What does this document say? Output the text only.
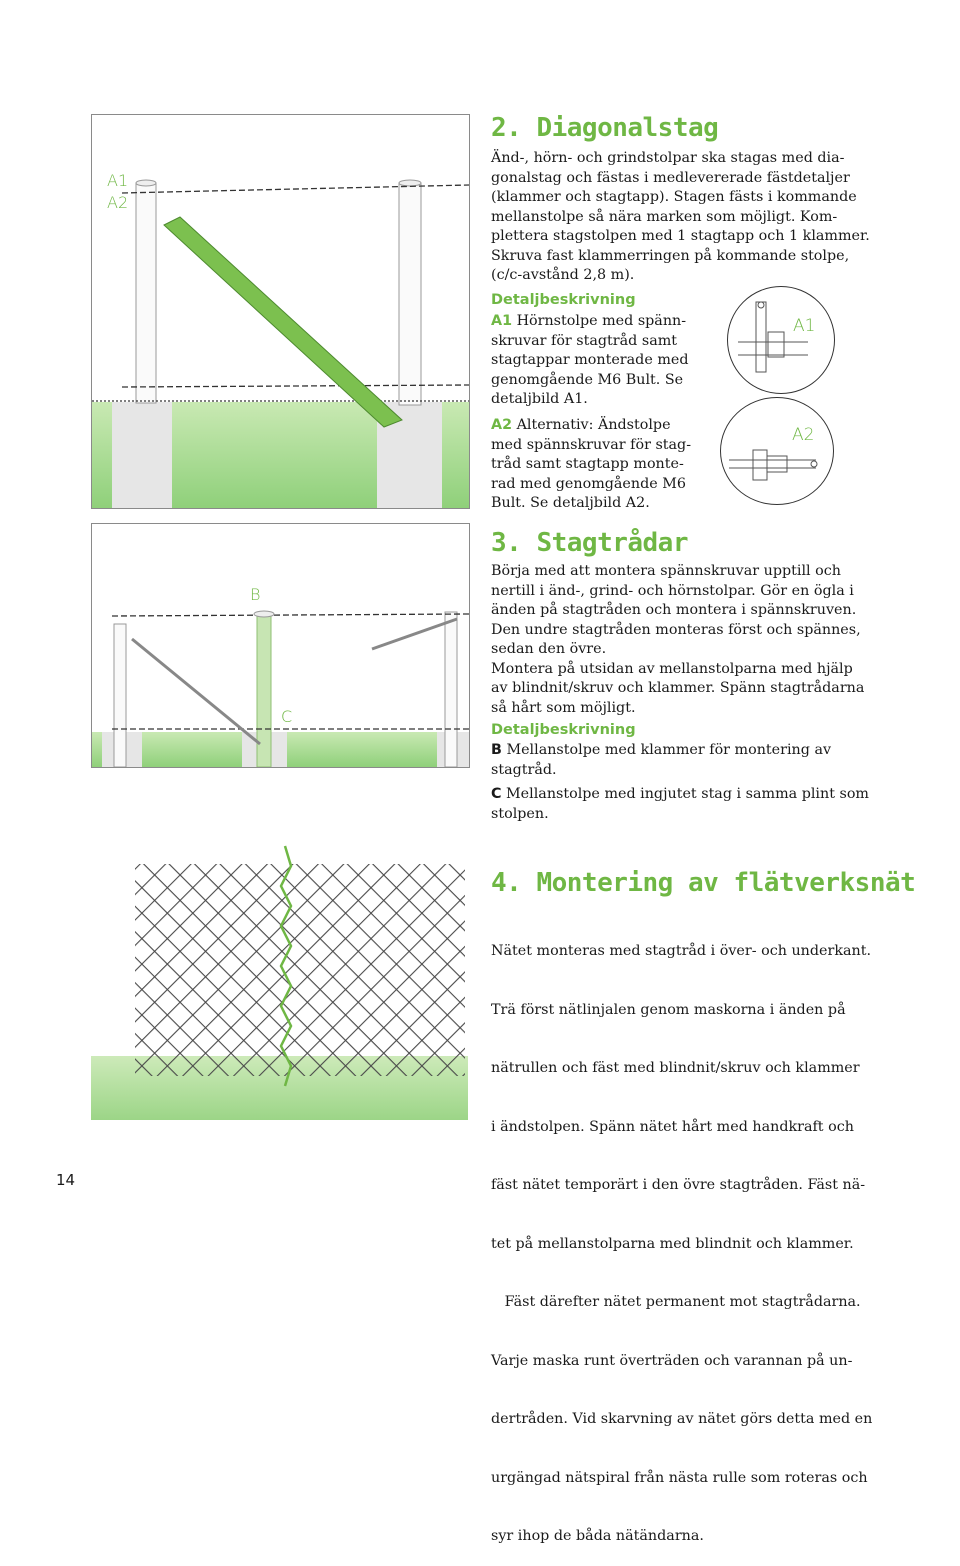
A1
A2
B
C
A1
A2
2. Diagonalstag

Änd-, hörn- och grindstolpar ska stagas med dia-

gonalstag och fästas i medlevererade fästdetaljer

(klammer och stagtapp). Stagen fästs i kommande

mellanstolpe så nära marken som möjligt. Kom-

plettera stagstolpen med 1 stagtapp och 1 klammer.

Skruva fast klammerringen på kommande stolpe,

(c/c-avstånd 2,8 m).

Detaljbeskrivning

A1 Hörnstolpe med spänn-

skruvar för stagtråd samt

stagtappar monterade med

genomgående M6 Bult. Se

detaljbild A1.

A2 Alternativ: Ändstolpe

med spännskruvar för stag-

tråd samt stagtapp monte-

rad med genomgående M6

Bult. Se detaljbild A2.

3. Stagtrådar

Börja med att montera spännskruvar upptill och

nertill i änd-, grind- och hörnstolpar. Gör en ögla i

änden på stagtråden och montera i spännskruven.

Den undre stagtråden monteras först och spännes,

sedan den övre.

Montera på utsidan av mellanstolparna med hjälp

av blindnit/skruv och klammer. Spänn stagtrådarna

så hårt som möjligt.

Detaljbeskrivning

B Mellanstolpe med klammer för montering av

stagtråd.

C Mellanstolpe med ingjutet stag i samma plint som

stolpen.

4. Montering av flätverksnät

Nätet monteras med stagtråd i över- och underkant.

Trä först nätlinjalen genom maskorna i änden på

nätrullen och fäst med blindnit/skruv och klammer

i ändstolpen. Spänn nätet hårt med handkraft och

fäst nätet temporärt i den övre stagtråden. Fäst nä-

tet på mellanstolparna med blindnit och klammer.

Fäst därefter nätet permanent mot stagtrådarna.

Varje maska runt överträden och varannan på un-

dertråden. Vid skarvning av nätet görs detta med en

urgängad nätspiral från nästa rulle som roteras och

syr ihop de båda nätändarna.

14
